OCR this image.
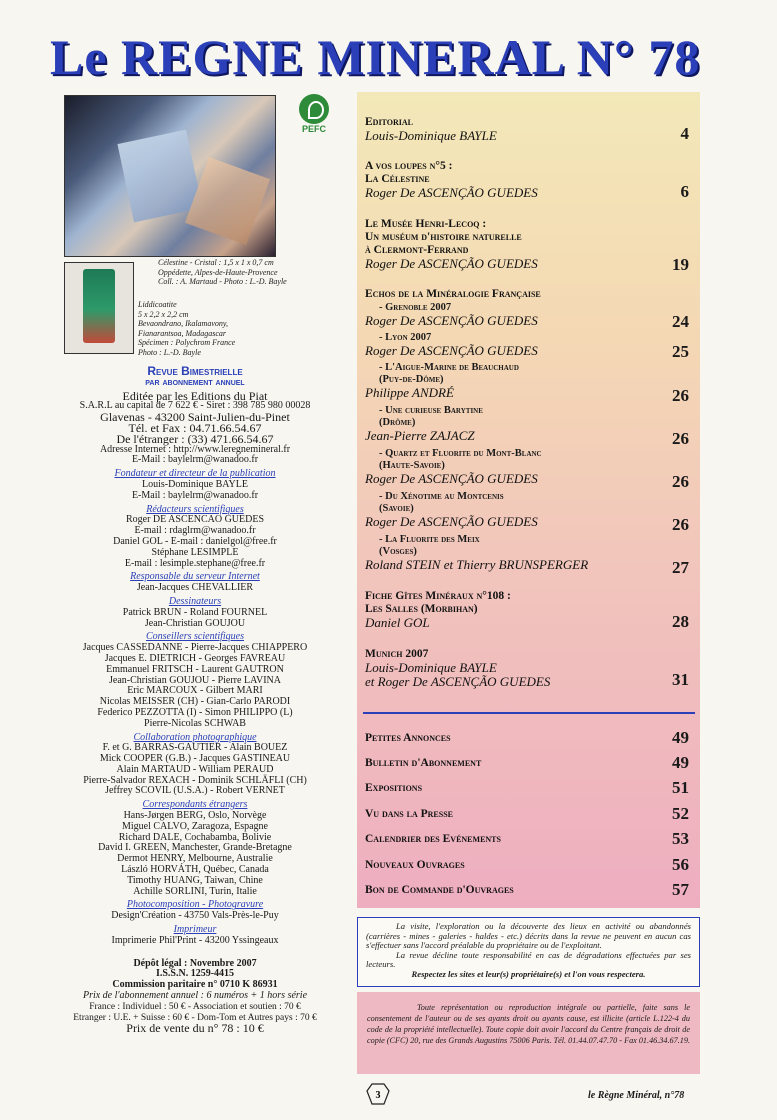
Le REGNE MINERAL N° 78
Célestine - Cristal : 1,5 x 1 x 0,7 cm
Oppédette, Alpes-de-Haute-Provence
Coll. : A. Martaud - Photo : L.-D. Bayle
Liddicoatite
5 x 2,2 x 2,2 cm
Bevaondrano, Ikalamavony,
Fianarantsoa, Madagascar
Spécimen : Polychrom France
Photo : L.-D. Bayle
PEFC
Revue Bimestrielle
par abonnement annuel
Editée par les Editions du Piat
S.A.R.L au capital de 7 622 € - Siret : 398 785 980 00028
Glavenas - 43200 Saint-Julien-du-Pinet
Tél. et Fax : 04.71.66.54.67
De l'étranger : (33) 471.66.54.67
Adresse Internet : http://www.leregnemineral.fr
E-Mail : baylelrm@wanadoo.fr
Fondateur et directeur de la publication
Louis-Dominique BAYLE
E-Mail : baylelrm@wanadoo.fr
Rédacteurs scientifiques
Roger DE ASCENCAO GUEDES
E-mail : rdaglrm@wanadoo.fr
Daniel GOL - E-mail : danielgol@free.fr
Stéphane LESIMPLE
E-mail : lesimple.stephane@free.fr
Responsable du serveur Internet
Jean-Jacques CHEVALLIER
Dessinateurs
Patrick BRUN - Roland FOURNEL
Jean-Christian GOUJOU
Conseillers scientifiques
Jacques CASSEDANNE - Pierre-Jacques CHIAPPERO
Jacques E. DIETRICH - Georges FAVREAU
Emmanuel FRITSCH - Laurent GAUTRON
Jean-Christian GOUJOU - Pierre LAVINA
Eric MARCOUX - Gilbert MARI
Nicolas MEISSER (CH) - Gian-Carlo PARODI
Federico PEZZOTTA (I) - Simon PHILIPPO (L)
Pierre-Nicolas SCHWAB
Collaboration photographique
F. et G. BARRAS-GAUTIER - Alain BOUEZ
Mick COOPER (G.B.) - Jacques GASTINEAU
Alain MARTAUD - William PERAUD
Pierre-Salvador REXACH - Dominik SCHLÄFLI (CH)
Jeffrey SCOVIL (U.S.A.) - Robert VERNET
Correspondants étrangers
Hans-Jørgen BERG, Oslo, Norvège
Miguel CALVO, Zaragoza, Espagne
Richard DALE, Cochabamba, Bolivie
David I. GREEN, Manchester, Grande-Bretagne
Dermot HENRY, Melbourne, Australie
László HORVÁTH, Québec, Canada
Timothy HUANG, Taiwan, Chine
Achille SORLINI, Turin, Italie
Photocomposition - Photogravure
Design'Création - 43750 Vals-Près-le-Puy
Imprimeur
Imprimerie Phil'Print - 43200 Yssingeaux
Dépôt légal : Novembre 2007
I.S.S.N. 1259-4415
Commission paritaire n° 0710 K 86931
Prix de l'abonnement annuel : 6 numéros + 1 hors série
France : Individuel : 50 € - Association et soutien : 70 €
Etranger : U.E. + Suisse : 60 € - Dom-Tom et Autres pays : 70 €
Prix de vente du n° 78 : 10 €
Editorial
Louis-Dominique BAYLE	4
A vos loupes n°5 :
La Célestine
Roger De ASCENÇÃO GUEDES	6
Le Musée Henri-Lecoq :
Un muséum d'histoire naturelle
à Clermont-Ferrand
Roger De ASCENÇÃO GUEDES	19
Echos de la Minéralogie Française
- Grenoble 2007
Roger De ASCENÇÃO GUEDES	24
- Lyon 2007
Roger De ASCENÇÃO GUEDES	25
- L'Aigue-Marine de Beauchaud
(Puy-de-Dôme)
Philippe ANDRÉ	26
- Une curieuse Barytine
(Drôme)
Jean-Pierre ZAJACZ	26
- Quartz et Fluorite du Mont-Blanc
(Haute-Savoie)
Roger De ASCENÇÃO GUEDES	26
- Du Xénotime au Montcenis
(Savoie)
Roger De ASCENÇÃO GUEDES	26
- La Fluorite des Meix
(Vosges)
Roland STEIN et Thierry BRUNSPERGER	27
Fiche Gîtes Minéraux n°108 :
Les Salles (Morbihan)
Daniel GOL	28
Munich 2007
Louis-Dominique BAYLE
et Roger De ASCENÇÃO GUEDES	31
Petites Annonces	49
Bulletin d'Abonnement	49
Expositions	51
Vu dans la Presse	52
Calendrier des Evénements	53
Nouveaux Ouvrages	56
Bon de Commande d'Ouvrages	57
La visite, l'exploration ou la découverte des lieux en activité ou abandonnés (carrières - mines - galeries - haldes - etc.) décrits dans la revue ne peuvent en aucun cas s'effectuer sans l'accord préalable du propriétaire ou de l'exploitant.
La revue décline toute responsabilité en cas de dégradations effectuées par ses lecteurs.
Respectez les sites et leur(s) propriétaire(s) et l'on vous respectera.
Toute représentation ou reproduction intégrale ou partielle, faite sans le consentement de l'auteur ou de ses ayants droit ou ayants cause, est illicite (article L.122-4 du code de la propriété intellectuelle). Toute copie doit avoir l'accord du Centre français de droit de copie (CFC) 20, rue des Grands Augustins 75006 Paris. Tél. 01.44.07.47.70 - Fax 01.46.34.67.19.
3	le Règne Minéral, n°78
